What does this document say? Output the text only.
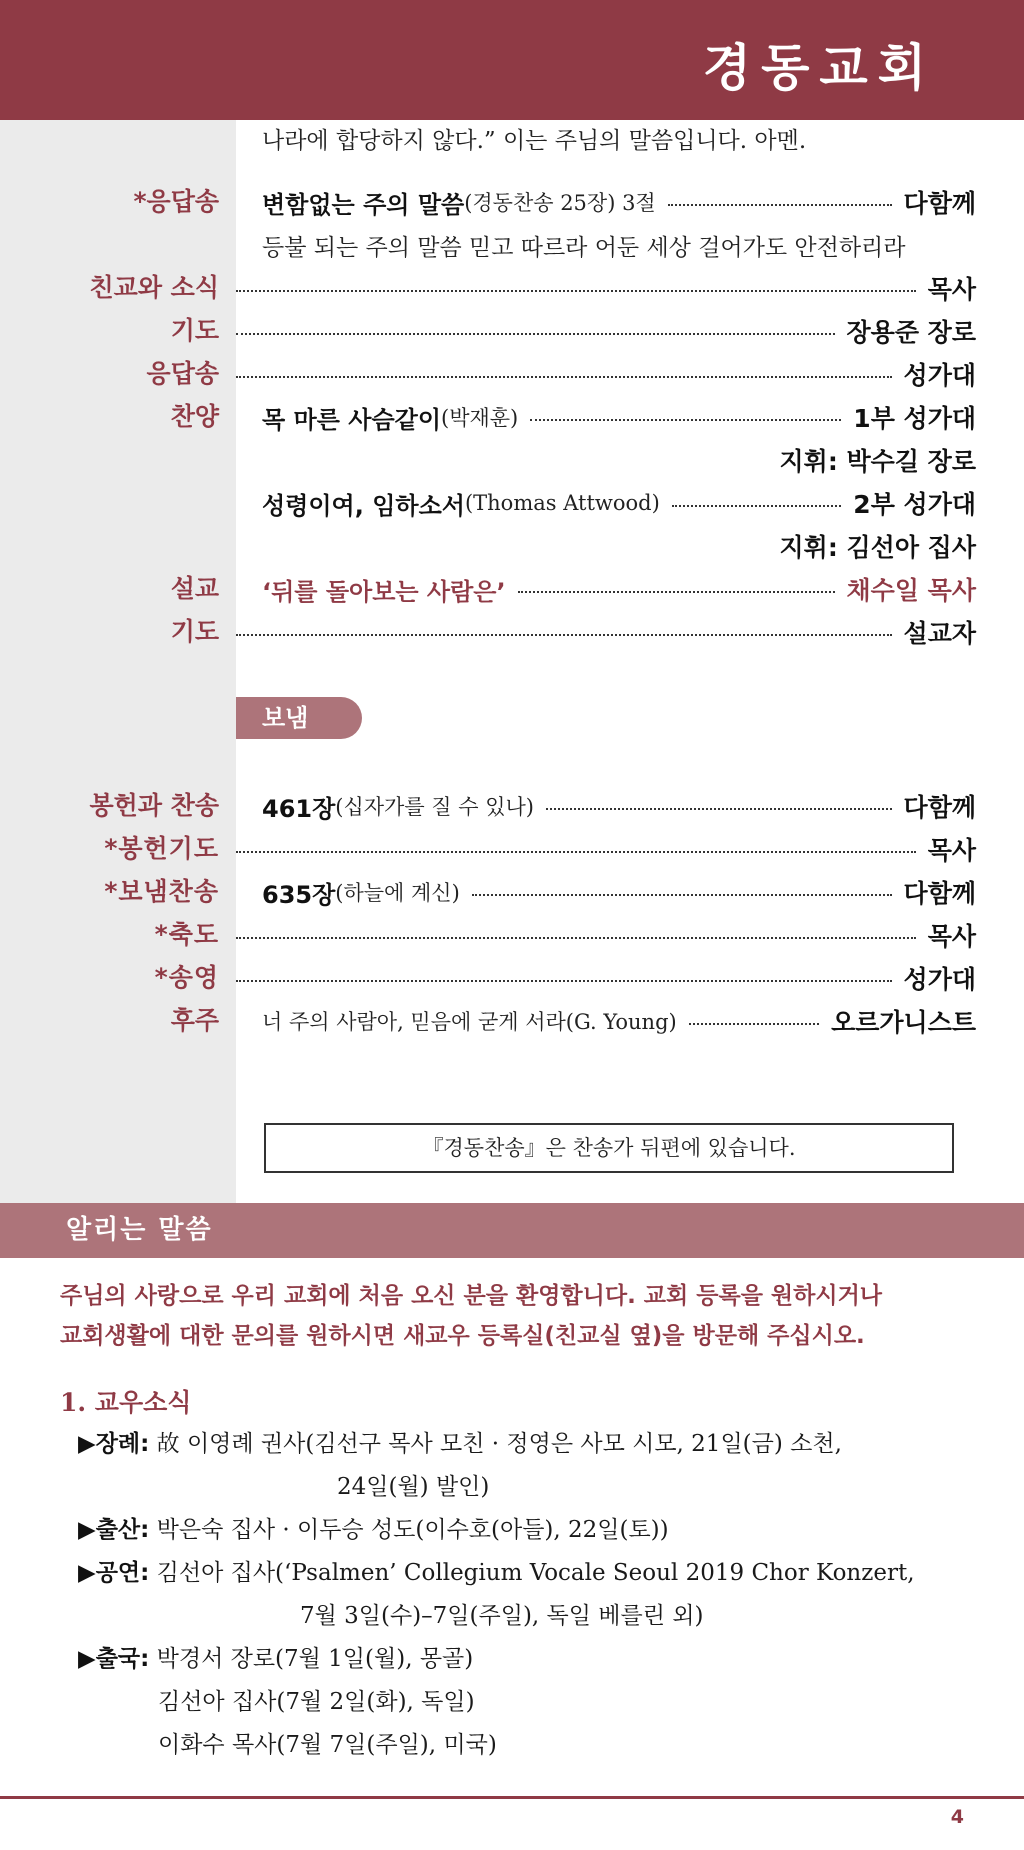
경동교회
나라에 합당하지 않다.” 이는 주님의 말씀입니다. 아멘.
*응답송 변함없는 주의 말씀 (경동찬송 25장) 3절	다함께
등불 되는 주의 말씀 믿고 따르라 어둔 세상 걸어가도 안전하리라
친교와 소식	목사
기도	장용준 장로
응답송	성가대
찬양 목 마른 사슴같이 (박재훈)	1부 성가대
지휘: 박수길 장로
성령이여, 임하소서 (Thomas Attwood)	2부 성가대
지휘: 김선아 집사
설교 ‘뒤를 돌아보는 사람은’	채수일 목사
기도	설교자
보냄
봉헌과 찬송 461장 (십자가를 질 수 있나)	다함께
*봉헌기도	목사
*보냄찬송 635장 (하늘에 계신)	다함께
*축도	목사
*송영	성가대
후주 너 주의 사람아, 믿음에 굳게 서라(G. Young)	오르가니스트
『경동찬송』은 찬송가 뒤편에 있습니다.
알리는 말씀
주님의 사랑으로 우리 교회에 처음 오신 분을 환영합니다. 교회 등록을 원하시거나
교회생활에 대한 문의를 원하시면 새교우 등록실(친교실 옆)을 방문해 주십시오.
1. 교우소식
▶장례: 故 이영례 권사(김선구 목사 모친 · 정영은 사모 시모, 21일(금) 소천,
24일(월) 발인)
▶출산: 박은숙 집사 · 이두승 성도(이수호(아들), 22일(토))
▶공연: 김선아 집사(‘Psalmen’ Collegium Vocale Seoul 2019 Chor Konzert,
7월 3일(수)–7일(주일), 독일 베를린 외)
▶출국: 박경서 장로(7월 1일(월), 몽골)
김선아 집사(7월 2일(화), 독일)
이화수 목사(7월 7일(주일), 미국)
4
